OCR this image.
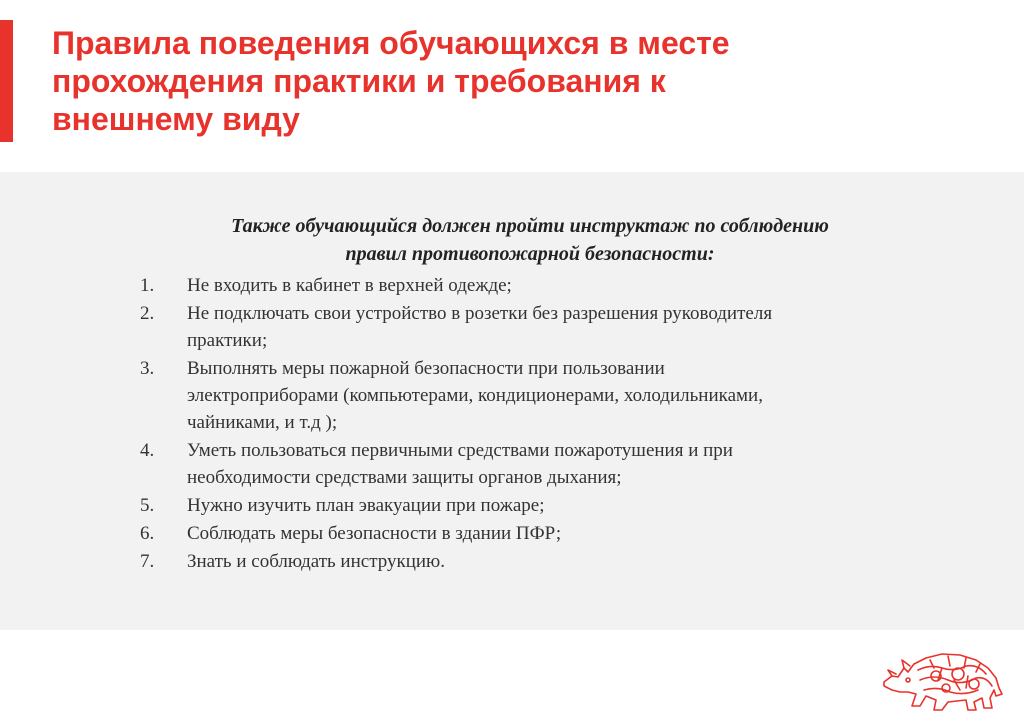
Правила поведения обучающихся в месте
прохождения практики и требования к
внешнему виду

Также обучающийся должен пройти инструктаж по соблюдению
правил противопожарной безопасности:

1.	Не входить в кабинет в верхней одежде;
2.	Не подключать свои устройство в розетки без разрешения руководителя
практики;
3.	Выполнять меры пожарной безопасности при пользовании
электроприборами (компьютерами, кондиционерами, холодильниками,
чайниками, и т.д );
4.	Уметь пользоваться первичными средствами пожаротушения и при
необходимости средствами защиты органов дыхания;
5.	Нужно изучить план эвакуации при пожаре;
6.	Соблюдать меры безопасности в здании ПФР;
7.	Знать и соблюдать инструкцию.
